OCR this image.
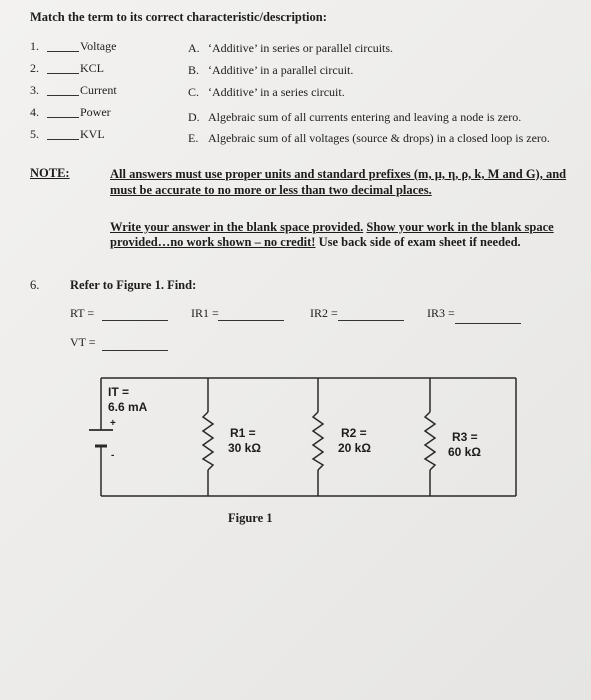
Match the term to its correct characteristic/description:
1.	Voltage
2.	KCL
3.	Current
4.	Power
5.	KVL
A. ‘Additive’ in series or parallel circuits.
B. ‘Additive’ in a parallel circuit.
C. ‘Additive’ in a series circuit.
D. Algebraic sum of all currents entering and leaving a node is zero.
E. Algebraic sum of all voltages (source & drops) in a closed loop is zero.
NOTE:	All answers must use proper units and standard prefixes (m, µ, η, ρ, k, M and G), and must be accurate to no more or less than two decimal places.
Write your answer in the blank space provided. Show your work in the blank space provided…no work shown – no credit! Use back side of exam sheet if needed.
6. Refer to Figure 1. Find:
RT =	IR1 =	IR2 =	IR3 =
VT =
IT =
6.6 mA
+
-
R1 =
30 kΩ
R2 =
20 kΩ
R3 =
60 kΩ
Figure 1
